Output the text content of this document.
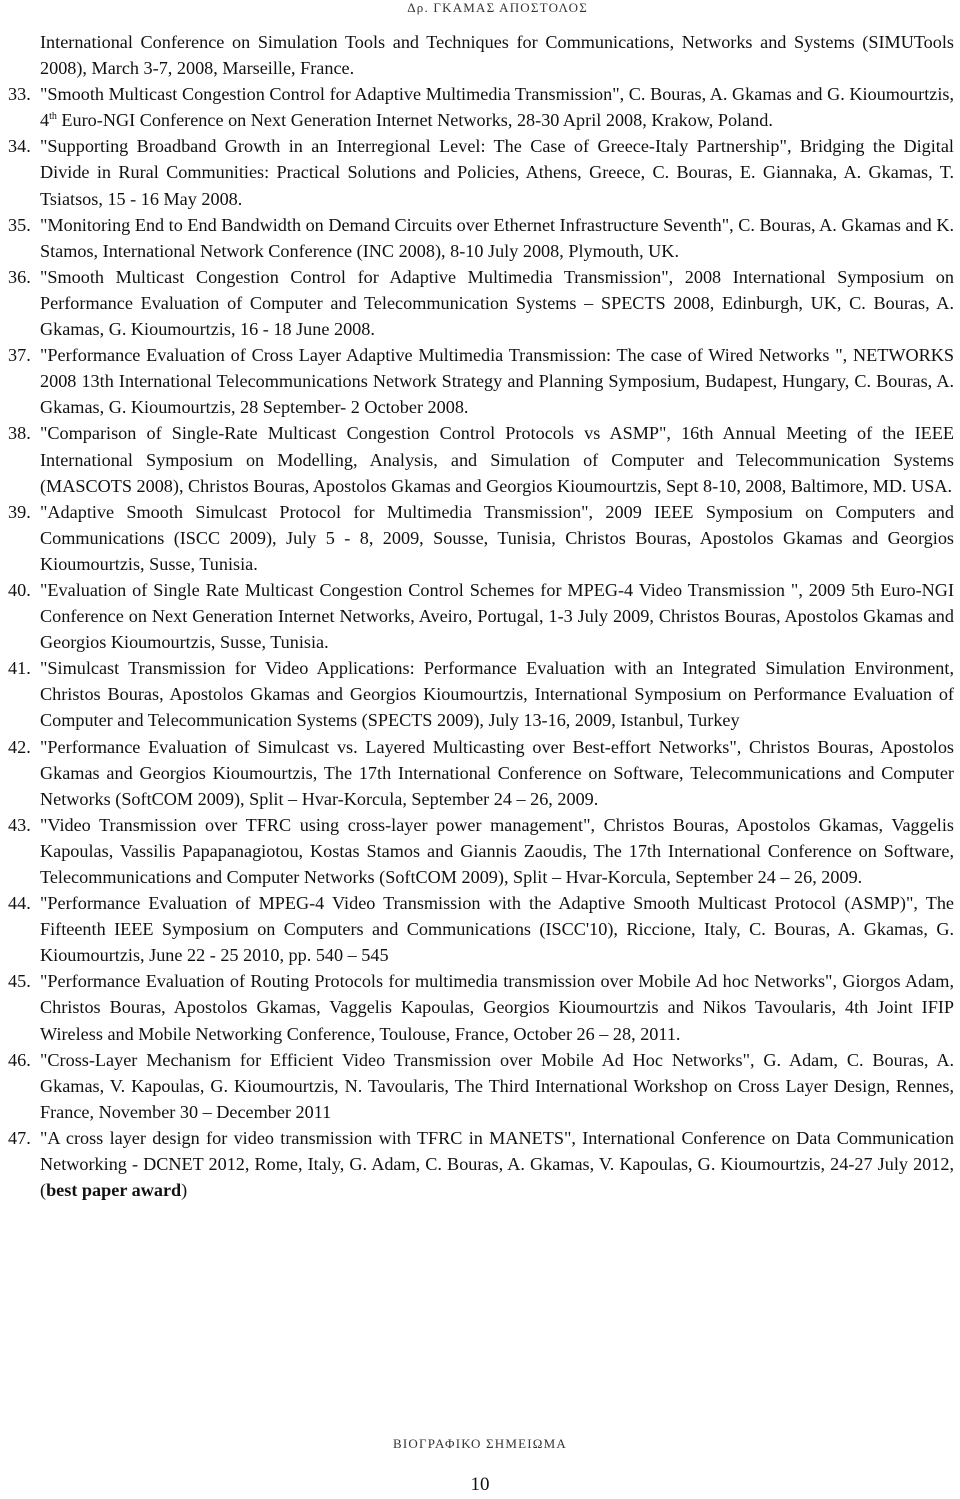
Δρ. ΓΚΑΜΑΣ ΑΠΟΣΤΟΛΟΣ

International Conference on Simulation Tools and Techniques for Communications, Networks and Systems (SIMUTools 2008), March 3-7, 2008, Marseille, France.

33. "Smooth Multicast Congestion Control for Adaptive Multimedia Transmission", C. Bouras, A. Gkamas and G. Kioumourtzis, 4th Euro-NGI Conference on Next Generation Internet Networks, 28-30 April 2008, Krakow, Poland.

34. "Supporting Broadband Growth in an Interregional Level: The Case of Greece-Italy Partnership", Bridging the Digital Divide in Rural Communities: Practical Solutions and Policies, Athens, Greece, C. Bouras, E. Giannaka, A. Gkamas, T. Tsiatsos, 15 - 16 May 2008.

35. "Monitoring End to End Bandwidth on Demand Circuits over Ethernet Infrastructure Seventh", C. Bouras, A. Gkamas and K. Stamos, International Network Conference (INC 2008), 8-10 July 2008, Plymouth, UK.

36. "Smooth Multicast Congestion Control for Adaptive Multimedia Transmission", 2008 International Symposium on Performance Evaluation of Computer and Telecommunication Systems – SPECTS 2008, Edinburgh, UK, C. Bouras, A. Gkamas, G. Kioumourtzis, 16 - 18 June 2008.

37. "Performance Evaluation of Cross Layer Adaptive Multimedia Transmission: The case of Wired Networks ", NETWORKS 2008 13th International Telecommunications Network Strategy and Planning Symposium, Budapest, Hungary, C. Bouras, A. Gkamas, G. Kioumourtzis, 28 September- 2 October 2008.

38. "Comparison of Single-Rate Multicast Congestion Control Protocols vs ASMP", 16th Annual Meeting of the IEEE International Symposium on Modelling, Analysis, and Simulation of Computer and Telecommunication Systems (MASCOTS 2008), Christos Bouras, Apostolos Gkamas and Georgios Kioumourtzis, Sept 8-10, 2008, Baltimore, MD. USA.

39. "Adaptive Smooth Simulcast Protocol for Multimedia Transmission", 2009 IEEE Symposium on Computers and Communications (ISCC 2009), July 5 - 8, 2009, Sousse, Tunisia, Christos Bouras, Apostolos Gkamas and Georgios Kioumourtzis, Susse, Tunisia.

40. "Evaluation of Single Rate Multicast Congestion Control Schemes for MPEG-4 Video Transmission ", 2009 5th Euro-NGI Conference on Next Generation Internet Networks, Aveiro, Portugal, 1-3 July 2009, Christos Bouras, Apostolos Gkamas and Georgios Kioumourtzis, Susse, Tunisia.

41. "Simulcast Transmission for Video Applications: Performance Evaluation with an Integrated Simulation Environment, Christos Bouras, Apostolos Gkamas and Georgios Kioumourtzis, International Symposium on Performance Evaluation of Computer and Telecommunication Systems (SPECTS 2009), July 13-16, 2009, Istanbul, Turkey

42. "Performance Evaluation of Simulcast vs. Layered Multicasting over Best-effort Networks", Christos Bouras, Apostolos Gkamas and Georgios Kioumourtzis, The 17th International Conference on Software, Telecommunications and Computer Networks (SoftCOM 2009), Split – Hvar-Korcula, September 24 – 26, 2009.

43. "Video Transmission over TFRC using cross-layer power management", Christos Bouras, Apostolos Gkamas, Vaggelis Kapoulas, Vassilis Papapanagiotou, Kostas Stamos and Giannis Zaoudis, The 17th International Conference on Software, Telecommunications and Computer Networks (SoftCOM 2009), Split – Hvar-Korcula, September 24 – 26, 2009.

44. "Performance Evaluation of MPEG-4 Video Transmission with the Adaptive Smooth Multicast Protocol (ASMP)", The Fifteenth IEEE Symposium on Computers and Communications (ISCC'10), Riccione, Italy, C. Bouras, A. Gkamas, G. Kioumourtzis, June 22 - 25 2010, pp. 540 – 545

45. "Performance Evaluation of Routing Protocols for multimedia transmission over Mobile Ad hoc Networks", Giorgos Adam, Christos Bouras, Apostolos Gkamas, Vaggelis Kapoulas, Georgios Kioumourtzis and Nikos Tavoularis, 4th Joint IFIP Wireless and Mobile Networking Conference, Toulouse, France, October 26 – 28, 2011.

46. "Cross-Layer Mechanism for Efficient Video Transmission over Mobile Ad Hoc Networks", G. Adam, C. Bouras, A. Gkamas, V. Kapoulas, G. Kioumourtzis, N. Tavoularis, The Third International Workshop on Cross Layer Design, Rennes, France, November 30 – December 2011

47. "A cross layer design for video transmission with TFRC in MANETS", International Conference on Data Communication Networking - DCNET 2012, Rome, Italy, G. Adam, C. Bouras, A. Gkamas, V. Kapoulas, G. Kioumourtzis, 24-27 July 2012, (best paper award)

ΒΙΟΓΡΑΦΙΚΟ ΣΗΜΕΙΩΜΑ
10
